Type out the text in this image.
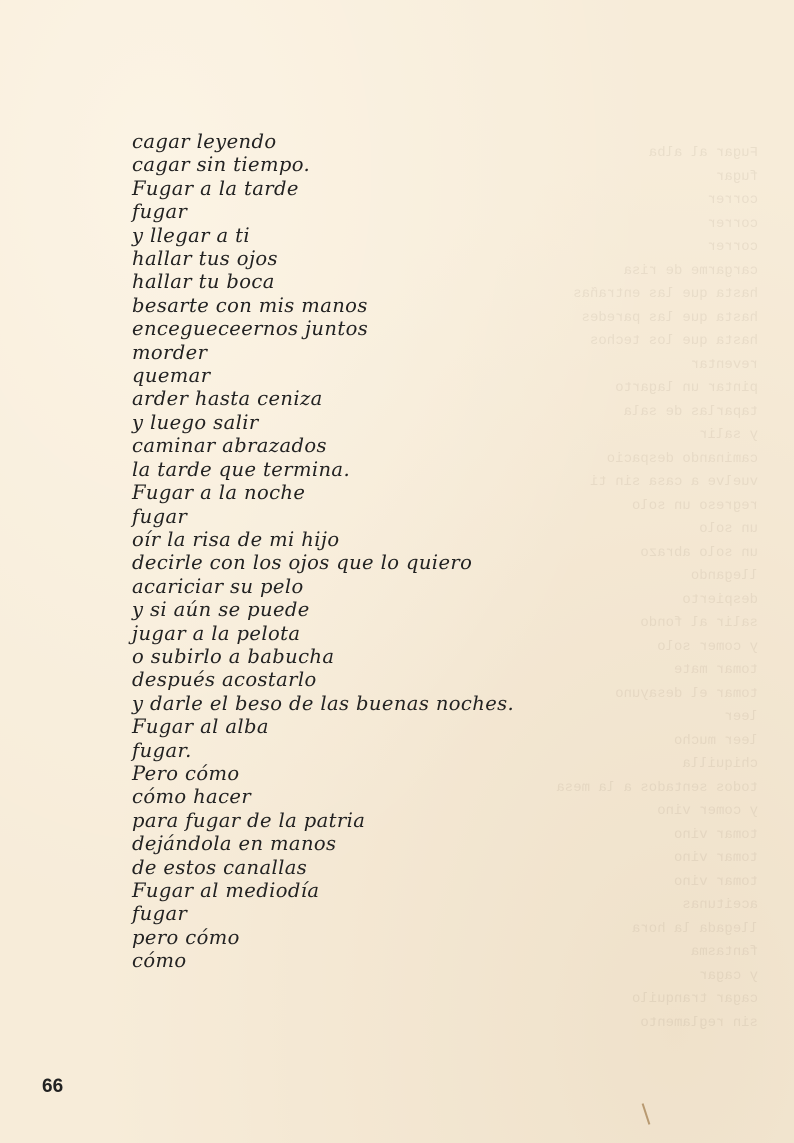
Fugar al alba
fugar
correr
correr
correr
cargarme de risa
hasta que las entrañas
hasta que las paredes
hasta que los techos
reventar
pintar un lagarto
taparlas de sala
y salir
caminando despacio
vuelve a casa sin ti
regreso un solo
un solo
un solo abrazo
llegando
despierto
salir al fondo
y comer solo
tomar mate
tomar el desayuno
leer
leer mucho
chiquilla
todos sentados a la mesa
y comer vino
tomar vino
tomar vino
tomar vino
aceitunas
llegada la hora
fantasma
y cagar
cagar tranquilo
sin reglamento
cagar leyendo
cagar sin tiempo.
Fugar a la tarde
fugar
y llegar a ti
hallar tus ojos
hallar tu boca
besarte con mis manos
encegueceernos juntos
morder
quemar
arder hasta ceniza
y luego salir
caminar abrazados
la tarde que termina.
Fugar a la noche
fugar
oír la risa de mi hijo
decirle con los ojos que lo quiero
acariciar su pelo
y si aún se puede
jugar a la pelota
o subirlo a babucha
después acostarlo
y darle el beso de las buenas noches.
Fugar al alba
fugar.
Pero cómo
cómo hacer
para fugar de la patria
dejándola en manos
de estos canallas
Fugar al mediodía
fugar
pero cómo
cómo
66
